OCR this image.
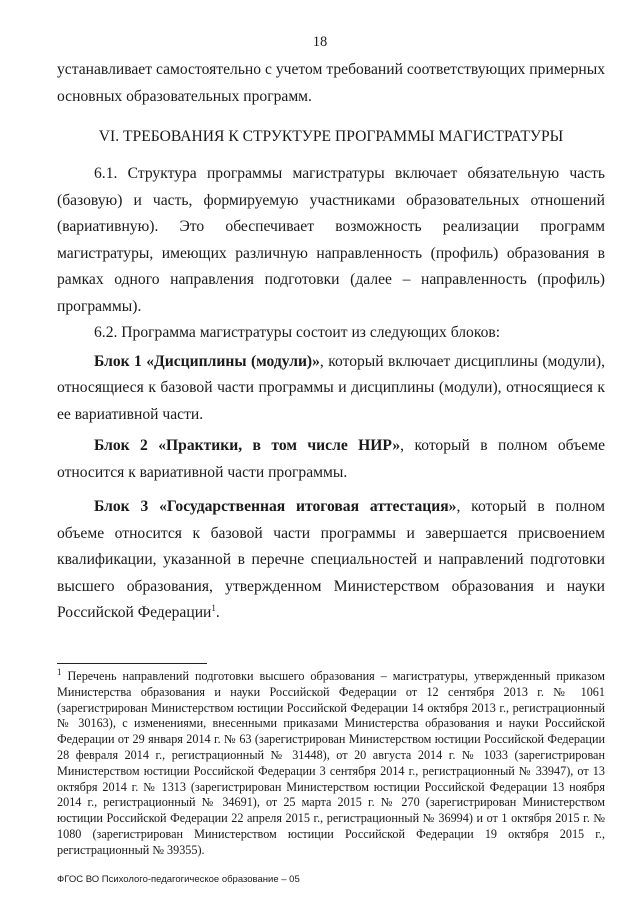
18

устанавливает самостоятельно с учетом требований соответствующих примерных основных образовательных программ.

VI. ТРЕБОВАНИЯ К СТРУКТУРЕ ПРОГРАММЫ МАГИСТРАТУРЫ

6.1. Структура программы магистратуры включает обязательную часть (базовую) и часть, формируемую участниками образовательных отношений (вариативную). Это обеспечивает возможность реализации программ магистратуры, имеющих различную направленность (профиль) образования в рамках одного направления подготовки (далее – направленность (профиль) программы).

6.2. Программа магистратуры состоит из следующих блоков:

Блок 1 «Дисциплины (модули)», который включает дисциплины (модули), относящиеся к базовой части программы и дисциплины (модули), относящиеся к ее вариативной части.

Блок 2 «Практики, в том числе НИР», который в полном объеме относится к вариативной части программы.

Блок 3 «Государственная итоговая аттестация», который в полном объеме относится к базовой части программы и завершается присвоением квалификации, указанной в перечне специальностей и направлений подготовки высшего образования, утвержденном Министерством образования и науки Российской Федерации$^1$.

$^1$ Перечень направлений подготовки высшего образования – магистратуры, утвержденный приказом Министерства образования и науки Российской Федерации от 12 сентября 2013 г. № 1061 (зарегистрирован Министерством юстиции Российской Федерации 14 октября 2013 г., регистрационный № 30163), с изменениями, внесенными приказами Министерства образования и науки Российской Федерации от 29 января 2014 г. № 63 (зарегистрирован Министерством юстиции Российской Федерации 28 февраля 2014 г., регистрационный № 31448), от 20 августа 2014 г. № 1033 (зарегистрирован Министерством юстиции Российской Федерации 3 сентября 2014 г., регистрационный № 33947), от 13 октября 2014 г. № 1313 (зарегистрирован Министерством юстиции Российской Федерации 13 ноября 2014 г., регистрационный № 34691), от 25 марта 2015 г. № 270 (зарегистрирован Министерством юстиции Российской Федерации 22 апреля 2015 г., регистрационный № 36994) и от 1 октября 2015 г. № 1080 (зарегистрирован Министерством юстиции Российской Федерации 19 октября 2015 г., регистрационный № 39355).
ФГОС ВО Психолого-педагогическое образование – 05
